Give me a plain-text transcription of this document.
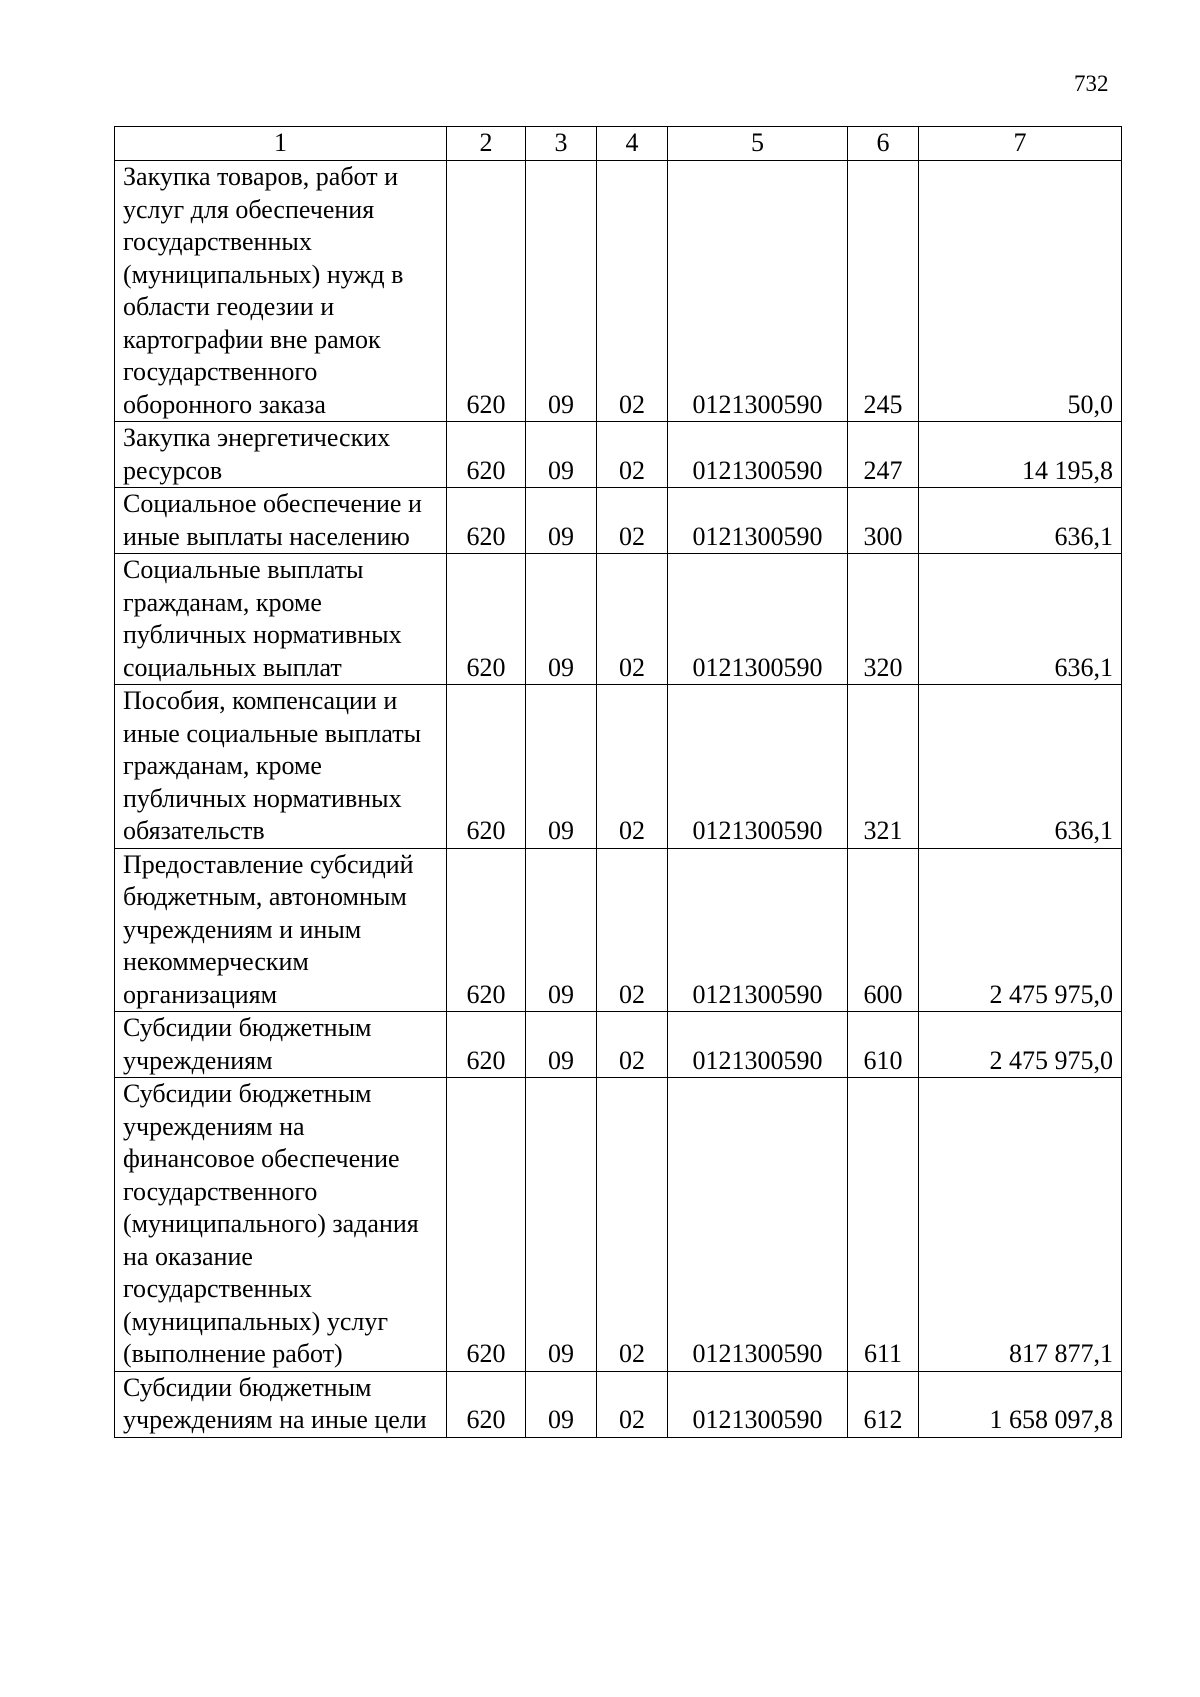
732
1	2	3	4	5	6	7
Закупка товаров, работ и услуг для обеспечения государственных (муниципальных) нужд в области геодезии и картографии вне рамок государственного оборонного заказа	620	09	02	0121300590	245	50,0
Закупка энергетических ресурсов	620	09	02	0121300590	247	14 195,8
Социальное обеспечение и иные выплаты населению	620	09	02	0121300590	300	636,1
Социальные выплаты гражданам, кроме публичных нормативных социальных выплат	620	09	02	0121300590	320	636,1
Пособия, компенсации и иные социальные выплаты гражданам, кроме публичных нормативных обязательств	620	09	02	0121300590	321	636,1
Предоставление субсидий бюджетным, автономным учреждениям и иным некоммерческим организациям	620	09	02	0121300590	600	2 475 975,0
Субсидии бюджетным учреждениям	620	09	02	0121300590	610	2 475 975,0
Субсидии бюджетным учреждениям на финансовое обеспечение государственного (муниципального) задания на оказание государственных (муниципальных) услуг (выполнение работ)	620	09	02	0121300590	611	817 877,1
Субсидии бюджетным учреждениям на иные цели	620	09	02	0121300590	612	1 658 097,8
